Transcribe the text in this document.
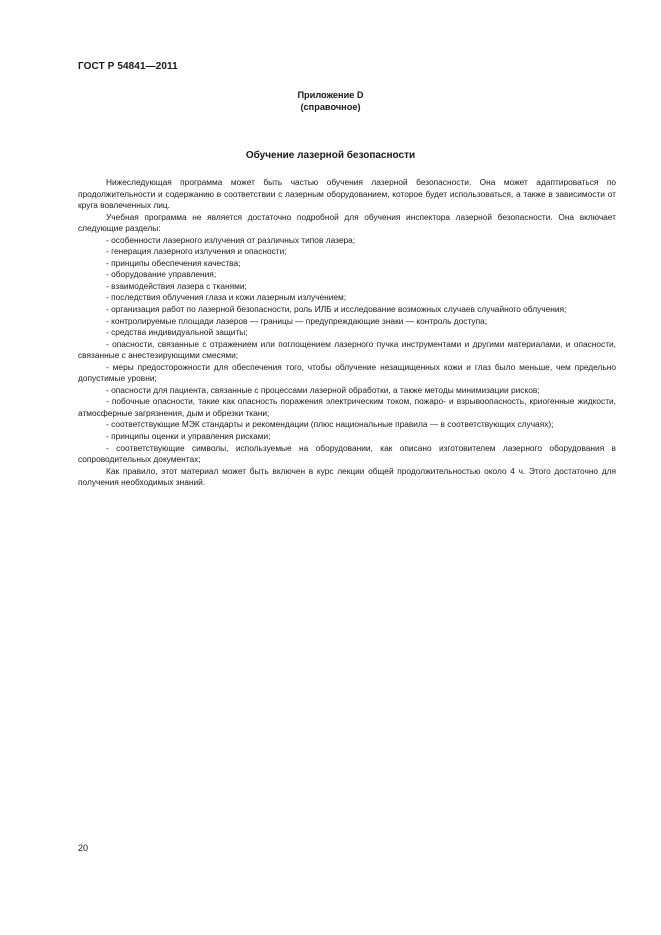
ГОСТ Р 54841—2011
Приложение D
(справочное)
Обучение лазерной безопасности

Нижеследующая программа может быть частью обучения лазерной безопасности. Она может адаптироваться по продолжительности и содержанию в соответствии с лазерным оборудованием, которое будет использоваться, а также в зависимости от круга вовлеченных лиц.

Учебная программа не является достаточно подробной для обучения инспектора лазерной безопасности. Она включает следующие разделы:

- особенности лазерного излучения от различных типов лазера;

- генерация лазерного излучения и опасности;

- принципы обеспечения качества;

- оборудование управления;

- взаимодействия лазера с тканями;

- последствия облучения глаза и кожи лазерным излучением;

- организация работ по лазерной безопасности, роль ИЛБ и исследование возможных случаев случайного облучения;

- контролируемые площади лазеров — границы — предупреждающие знаки — контроль доступа;

- средства индивидуальной защиты;

- опасности, связанные с отражением или поглощением лазерного пучка инструментами и другими материалами, и опасности, связанные с анестезирующими смесями;

- меры предосторожности для обеспечения того, чтобы облучение незащищенных кожи и глаз было меньше, чем предельно допустимые уровни;

- опасности для пациента, связанные с процессами лазерной обработки, а также методы минимизации рисков;

- побочные опасности, такие как опасность поражения электрическим током, пожаро- и взрывоопасность, криогенные жидкости, атмосферные загрязнения, дым и обрезки ткани;

- соответствующие МЭК стандарты и рекомендации (плюс национальные правила — в соответствующих случаях);

- принципы оценки и управления рисками;

- соответствующие символы, используемые на оборудовании, как описано изготовителем лазерного оборудования в сопроводительных документах;

Как правило, этот материал может быть включен в курс лекции общей продолжительностью около 4 ч. Этого достаточно для получения необходимых знаний.

20
